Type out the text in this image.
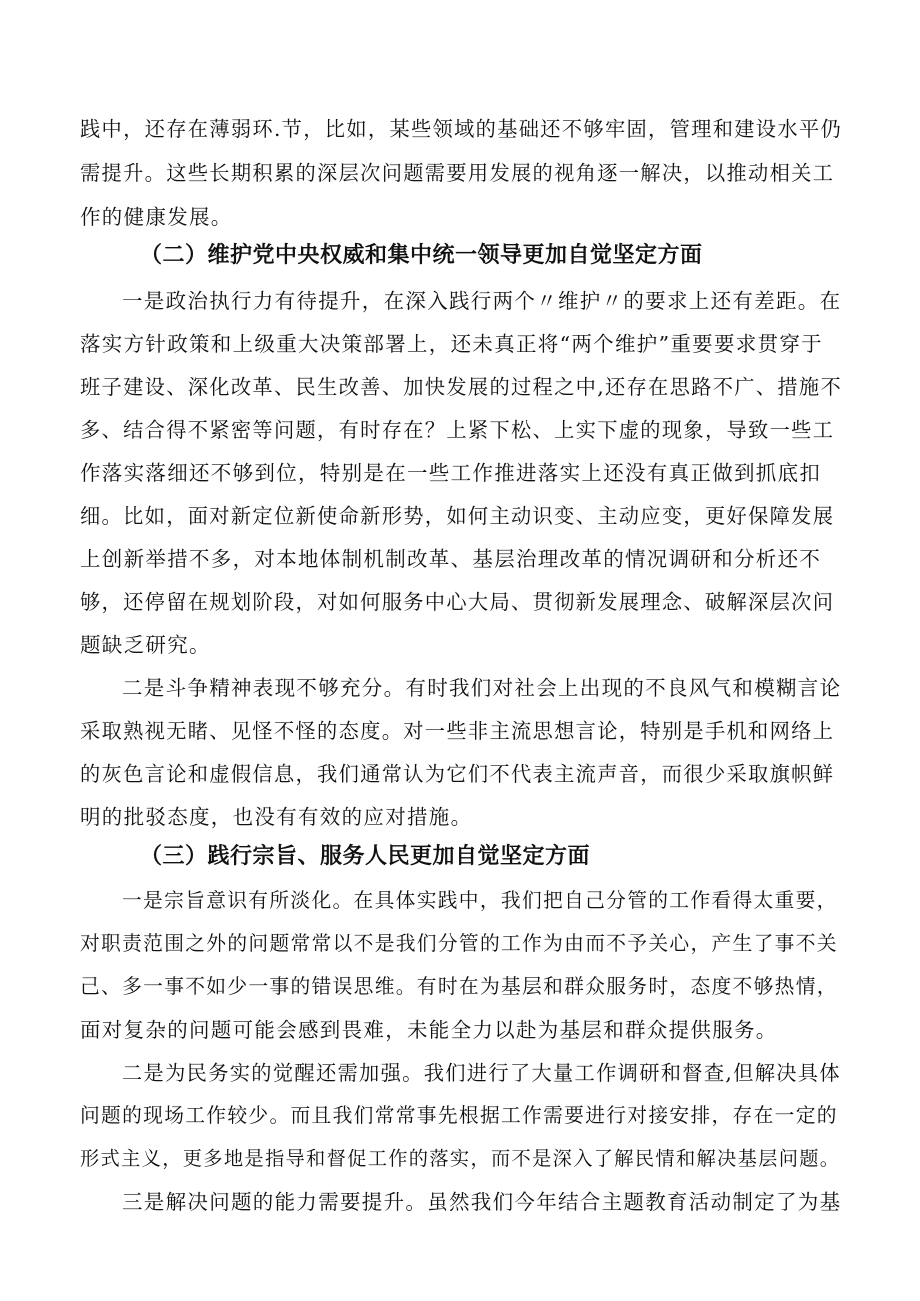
践中，还存在薄弱环.节，比如，某些领域的基础还不够牢固，管理和建设水平仍
需提升。这些长期积累的深层次问题需要用发展的视角逐一解决，以推动相关工
作的健康发展。
（二）维护党中央权威和集中统一领导更加自觉坚定方面
一是政治执行力有待提升，在深入践行两个〃维护〃的要求上还有差距。在
落实方针政策和上级重大决策部署上，还未真正将“两个维护”重要要求贯穿于
班子建设、深化改革、民生改善、加快发展的过程之中,还存在思路不广、措施不
多、结合得不紧密等问题，有时存在？上紧下松、上实下虚的现象，导致一些工
作落实落细还不够到位，特别是在一些工作推进落实上还没有真正做到抓底扣
细。比如，面对新定位新使命新形势，如何主动识变、主动应变，更好保障发展
上创新举措不多，对本地体制机制改革、基层治理改革的情况调研和分析还不
够，还停留在规划阶段，对如何服务中心大局、贯彻新发展理念、破解深层次问
题缺乏研究。
二是斗争精神表现不够充分。有时我们对社会上出现的不良风气和模糊言论
采取熟视无睹、见怪不怪的态度。对一些非主流思想言论，特别是手机和网络上
的灰色言论和虚假信息，我们通常认为它们不代表主流声音，而很少采取旗帜鲜
明的批驳态度，也没有有效的应对措施。
（三）践行宗旨、服务人民更加自觉坚定方面
一是宗旨意识有所淡化。在具体实践中，我们把自己分管的工作看得太重要，
对职责范围之外的问题常常以不是我们分管的工作为由而不予关心，产生了事不关
己、多一事不如少一事的错误思维。有时在为基层和群众服务时，态度不够热情，
面对复杂的问题可能会感到畏难，未能全力以赴为基层和群众提供服务。
二是为民务实的觉醒还需加强。我们进行了大量工作调研和督查,但解决具体
问题的现场工作较少。而且我们常常事先根据工作需要进行对接安排，存在一定的
形式主义，更多地是指导和督促工作的落实，而不是深入了解民情和解决基层问题。
三是解决问题的能力需要提升。虽然我们今年结合主题教育活动制定了为基
